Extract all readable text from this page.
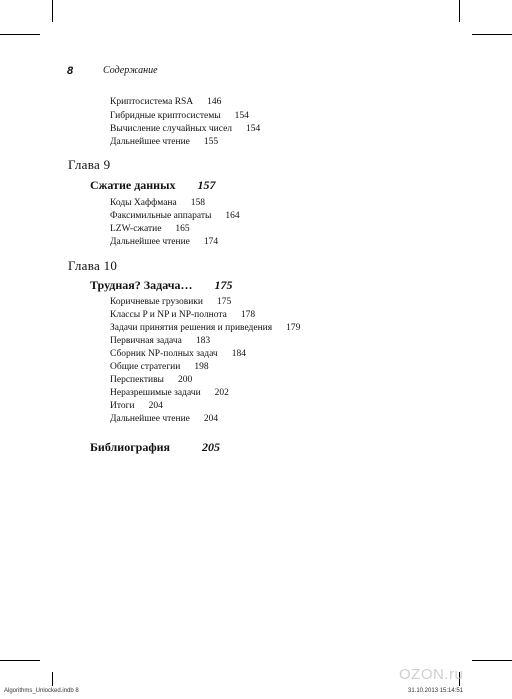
8	Содержание
Криптосистема RSA 146
Гибридные криптосистемы 154
Вычисление случайных чисел 154
Дальнейшее чтение 155
Глава 9
Сжатие данных 157
Коды Хаффмана 158
Факсимильные аппараты 164
LZW-сжатие 165
Дальнейшее чтение 174
Глава 10
Трудная? Задача… 175
Коричневые грузовики 175
Классы P и NP и NP-полнота 178
Задачи принятия решения и приведения 179
Первичная задача 183
Сборник NP-полных задач 184
Общие стратегии 198
Перспективы 200
Неразрешимые задачи 202
Итоги 204
Дальнейшее чтение 204
Библиография	205
OZON.ru
Algorithms_Unlocked.indb 8	31.10.2013 15:14:51
